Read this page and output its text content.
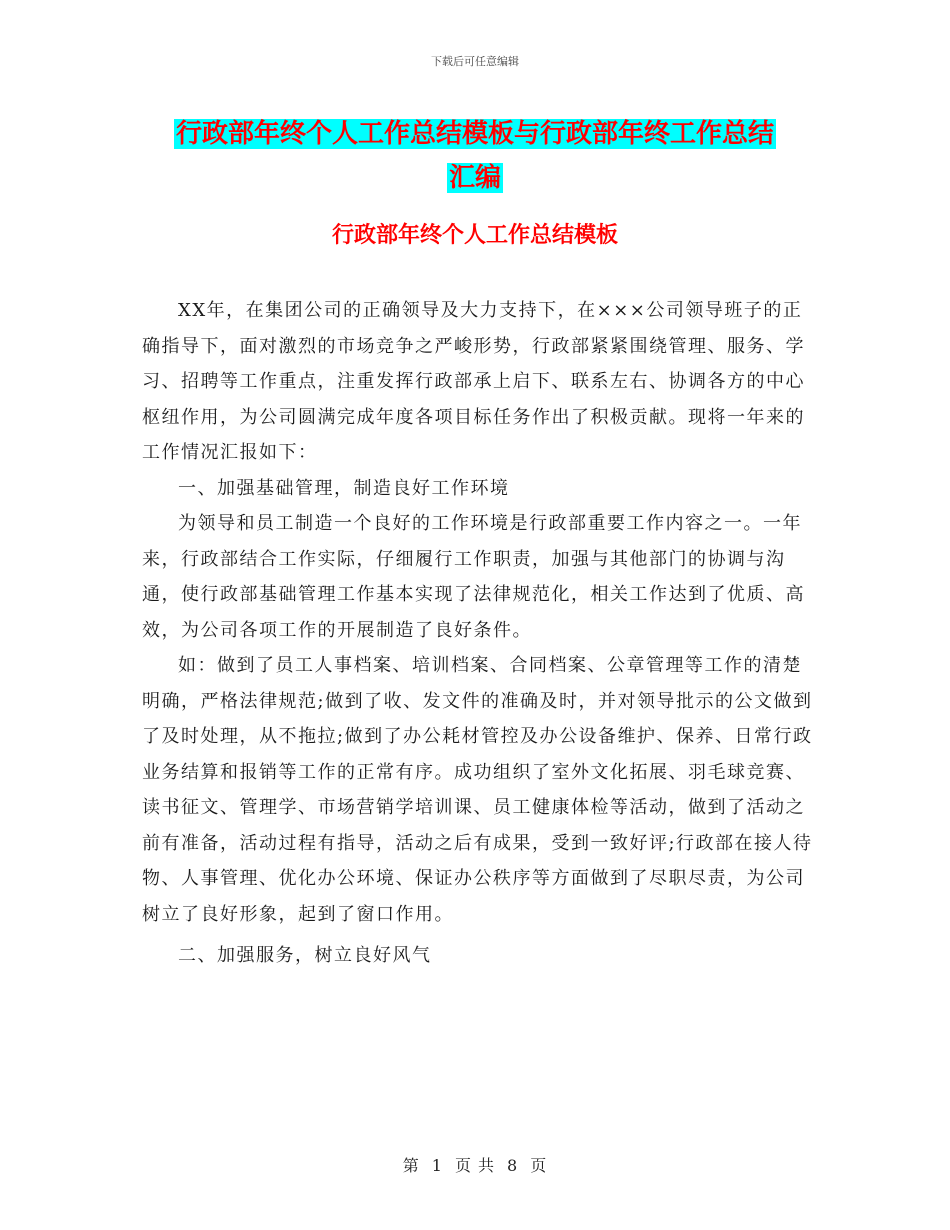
下载后可任意编辑
行政部年终个人工作总结模板与行政部年终工作总结
汇编
行政部年终个人工作总结模板

XX年，在集团公司的正确领导及大力支持下，在×××公司领导班子的正确指导下，面对激烈的市场竞争之严峻形势，行政部紧紧围绕管理、服务、学习、招聘等工作重点，注重发挥行政部承上启下、联系左右、协调各方的中心枢纽作用，为公司圆满完成年度各项目标任务作出了积极贡献。现将一年来的工作情况汇报如下：

一、加强基础管理，制造良好工作环境

为领导和员工制造一个良好的工作环境是行政部重要工作内容之一。一年来，行政部结合工作实际，仔细履行工作职责，加强与其他部门的协调与沟通，使行政部基础管理工作基本实现了法律规范化，相关工作达到了优质、高效，为公司各项工作的开展制造了良好条件。

如：做到了员工人事档案、培训档案、合同档案、公章管理等工作的清楚明确，严格法律规范;做到了收、发文件的准确及时，并对领导批示的公文做到了及时处理，从不拖拉;做到了办公耗材管控及办公设备维护、保养、日常行政业务结算和报销等工作的正常有序。成功组织了室外文化拓展、羽毛球竞赛、读书征文、管理学、市场营销学培训课、员工健康体检等活动，做到了活动之前有准备，活动过程有指导，活动之后有成果，受到一致好评;行政部在接人待物、人事管理、优化办公环境、保证办公秩序等方面做到了尽职尽责，为公司树立了良好形象，起到了窗口作用。

二、加强服务，树立良好风气

第 1 页 共 8 页
